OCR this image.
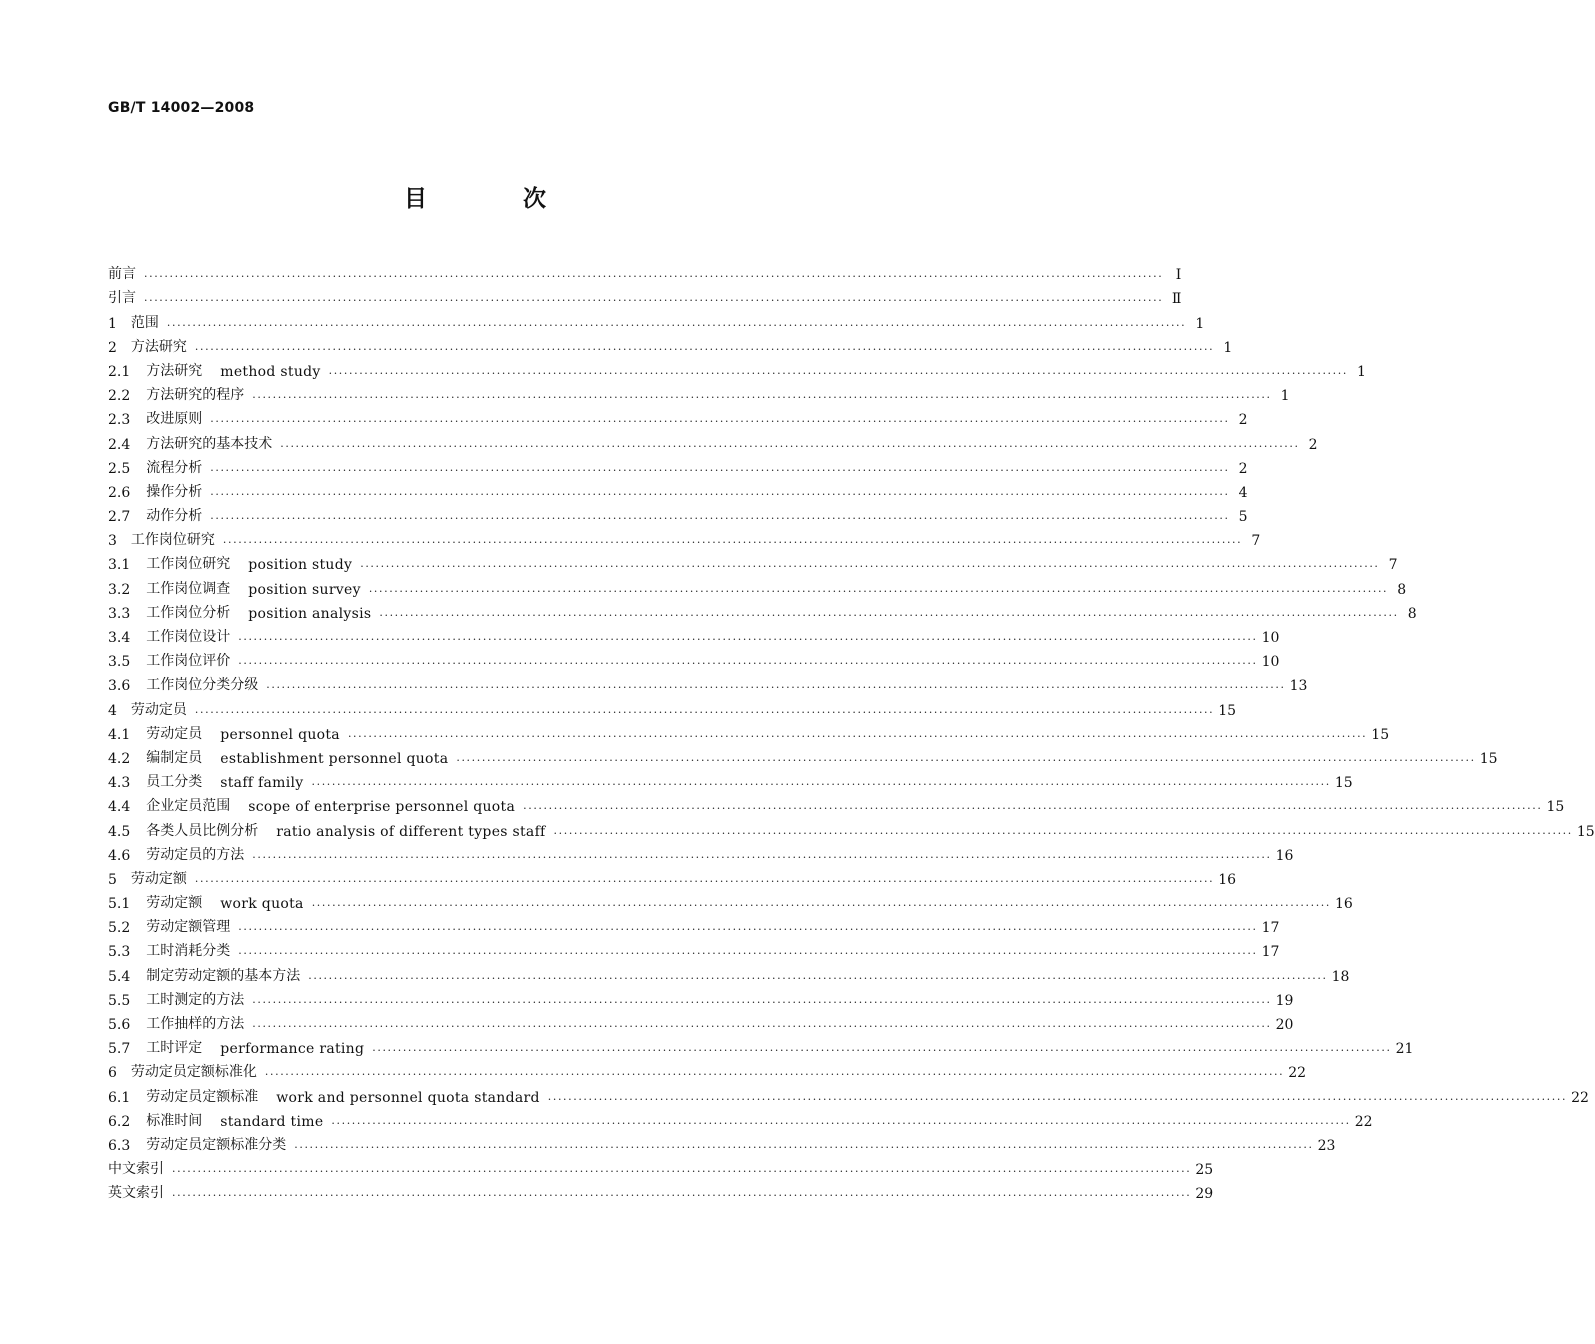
GB/T 14002—2008
目 次
前言 ········································································································································································································ Ⅰ
引言 ········································································································································································································ Ⅱ
1 范围 ········································································································································································································ 1
2 方法研究 ········································································································································································································ 1
2.1 方法研究 method study ········································································································································································································ 1
2.2 方法研究的程序 ········································································································································································································ 1
2.3 改进原则 ········································································································································································································ 2
2.4 方法研究的基本技术 ········································································································································································································ 2
2.5 流程分析 ········································································································································································································ 2
2.6 操作分析 ········································································································································································································ 4
2.7 动作分析 ········································································································································································································ 5
3 工作岗位研究 ········································································································································································································ 7
3.1 工作岗位研究 position study ········································································································································································································ 7
3.2 工作岗位调查 position survey ········································································································································································································ 8
3.3 工作岗位分析 position analysis ········································································································································································································ 8
3.4 工作岗位设计 ········································································································································································································ 10
3.5 工作岗位评价 ········································································································································································································ 10
3.6 工作岗位分类分级 ········································································································································································································ 13
4 劳动定员 ········································································································································································································ 15
4.1 劳动定员 personnel quota ········································································································································································································ 15
4.2 编制定员 establishment personnel quota ········································································································································································································ 15
4.3 员工分类 staff family ········································································································································································································ 15
4.4 企业定员范围 scope of enterprise personnel quota ········································································································································································································ 15
4.5 各类人员比例分析 ratio analysis of different types staff ········································································································································································································ 15
4.6 劳动定员的方法 ········································································································································································································ 16
5 劳动定额 ········································································································································································································ 16
5.1 劳动定额 work quota ········································································································································································································ 16
5.2 劳动定额管理 ········································································································································································································ 17
5.3 工时消耗分类 ········································································································································································································ 17
5.4 制定劳动定额的基本方法 ········································································································································································································ 18
5.5 工时测定的方法 ········································································································································································································ 19
5.6 工作抽样的方法 ········································································································································································································ 20
5.7 工时评定 performance rating ········································································································································································································ 21
6 劳动定员定额标准化 ········································································································································································································ 22
6.1 劳动定员定额标准 work and personnel quota standard ········································································································································································································ 22
6.2 标准时间 standard time ········································································································································································································ 22
6.3 劳动定员定额标准分类 ········································································································································································································ 23
中文索引 ········································································································································································································ 25
英文索引 ········································································································································································································ 29
